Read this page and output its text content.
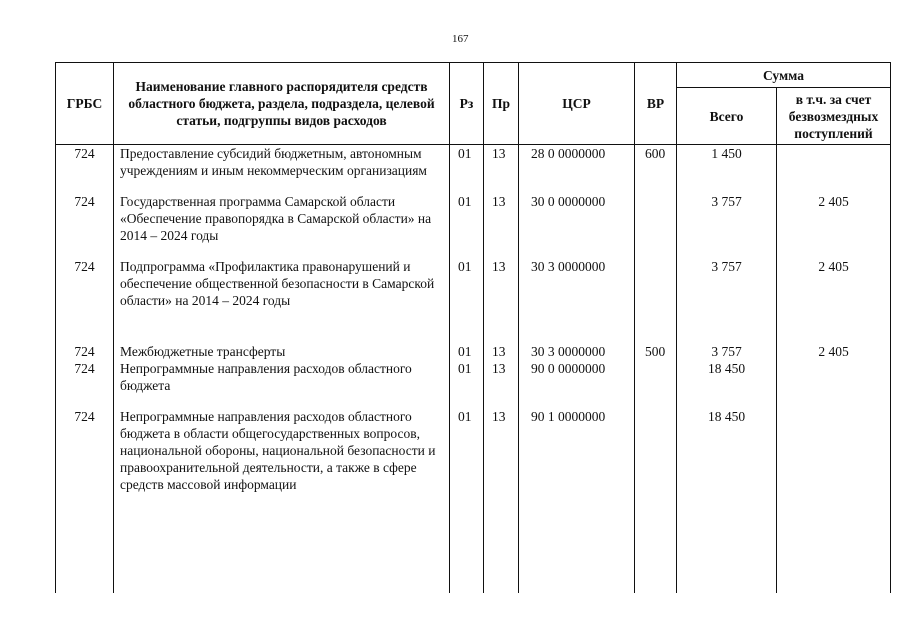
167
ГРБС	Наименование главного распорядителя средств областного бюджета, раздела, подраздела, целевой статьи, подгруппы видов расходов	Рз	Пр	ЦСР	ВР	Сумма	
						Всего	в т.ч. за счет безвозмездных поступлений
724	Предоставление субсидий бюджетным, автономным учреждениям и иным некоммерческим организациям	01	13	28 0 0000000	600	1 450	

724	Государственная программа Самарской области «Обеспечение правопорядка в Самарской области» на 2014 – 2024 годы	01	13	30 0 0000000		3 757	2 405

724	Подпрограмма «Профилактика правонарушений и обеспечение общественной безопасности в Самарской области» на 2014 – 2024 годы	01	13	30 3 0000000		3 757	2 405

724	Межбюджетные трансферты	01	13	30 3 0000000	500	3 757	2 405
724	Непрограммные направления расходов областного бюджета	01	13	90 0 0000000		18 450	

724	Непрограммные направления расходов областного бюджета в области общегосударственных вопросов, национальной обороны, национальной безопасности и правоохранительной деятельности, а также в сфере средств массовой информации	01	13	90 1 0000000		18 450	
